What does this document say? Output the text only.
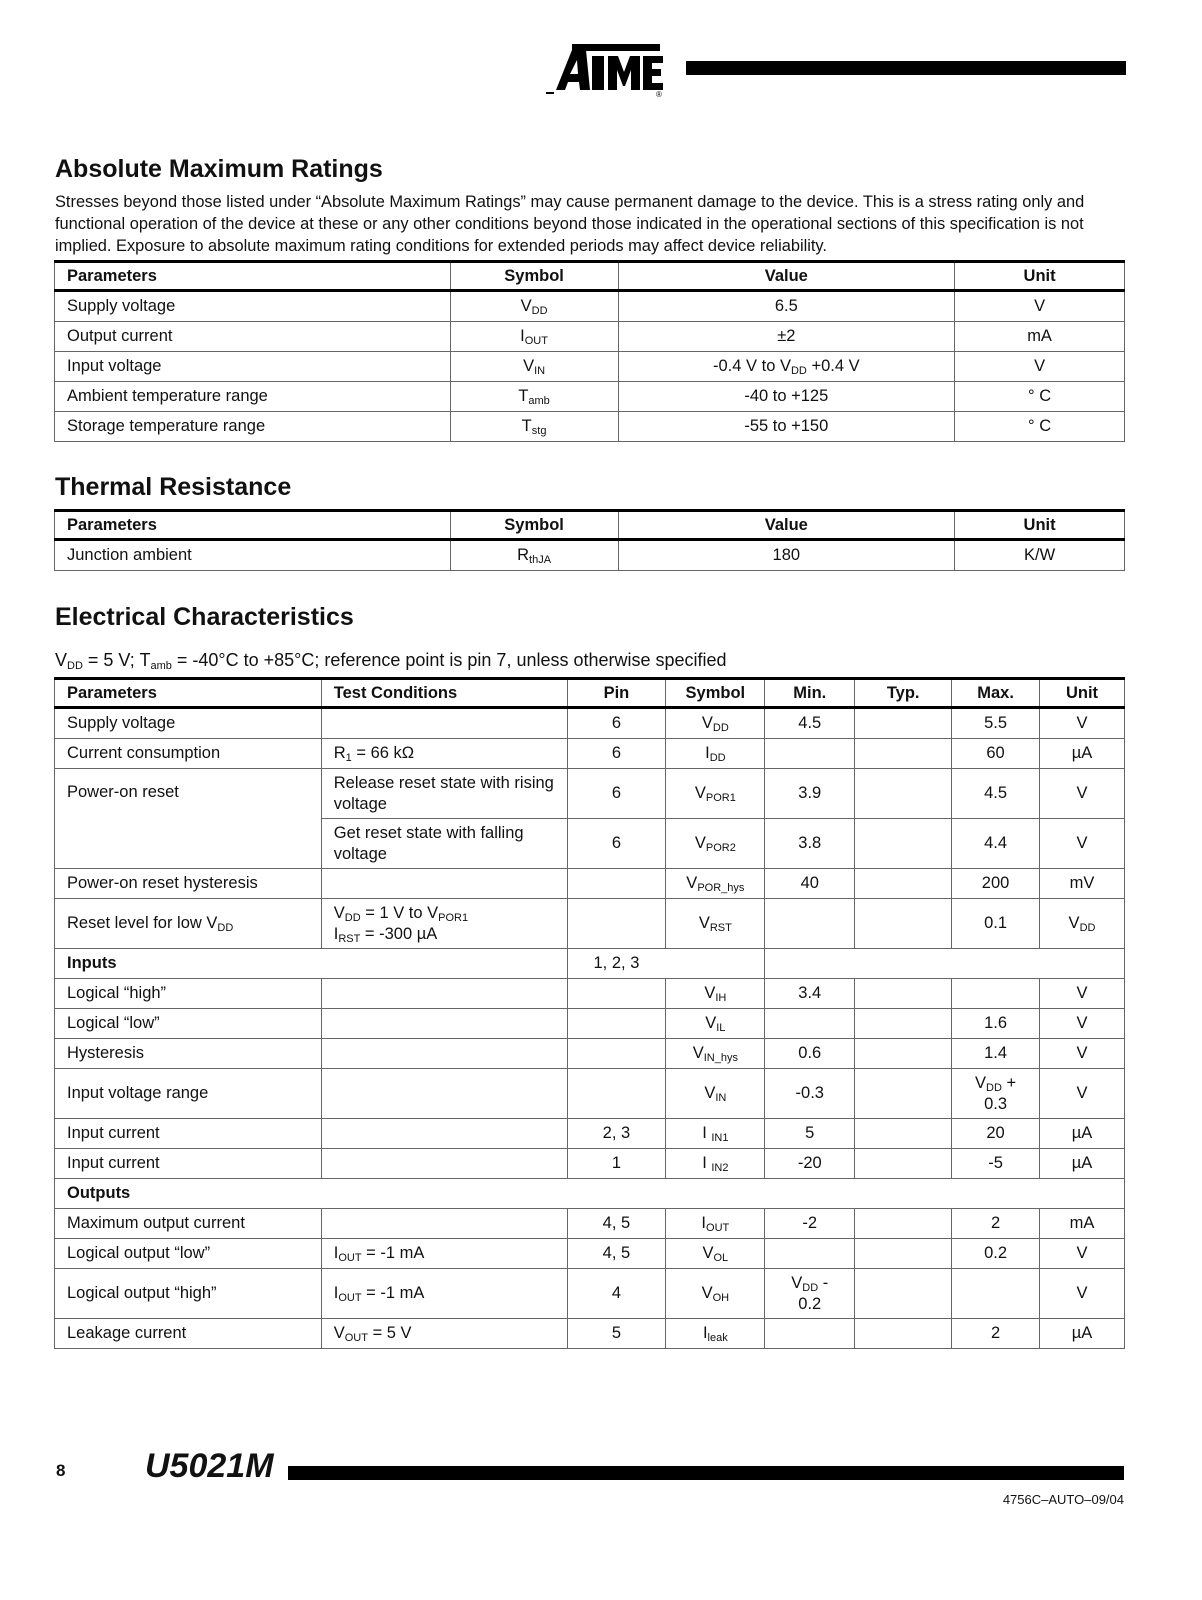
®
Absolute Maximum Ratings

Stresses beyond those listed under “Absolute Maximum Ratings” may cause permanent damage to the device. This is a stress rating only and functional operation of the device at these or any other conditions beyond those indicated in the operational sections of this specification is not implied. Exposure to absolute maximum rating conditions for extended periods may affect device reliability.

Parameters	Symbol	Value	Unit
Supply voltage	$V_{DD}$	6.5	V
Output current	$I_{OUT}$	±2	mA
Input voltage	$V_{IN}$	-0.4 V to $V_{DD} +0.4$ V	V
Ambient temperature range	$T_{amb}$	-40 to +125	° C
Storage temperature range	$T_{stg}$	-55 to +150	° C
Thermal Resistance
Parameters	Symbol	Value	Unit
Junction ambient	$R_{thJA}$	180	K/W
Electrical Characteristics

$V_{DD} = 5$ V; $T_{amb} = -40^\circ C$ to +85°C; reference point is pin 7, unless otherwise specified

Parameters	Test Conditions	Pin	Symbol	Min.	Typ.	Max.	Unit
Supply voltage		6	$V_{DD}$	4.5		5.5	V
Current consumption	$R_1 = 66$ kΩ	6	$I_{DD}$			60	µA
Power-on reset	Release reset state with rising voltage	6	$V_{POR1}$	3.9		4.5	V
	Get reset state with falling voltage	6	$V_{POR2}$	3.8		4.4	V
Power-on reset hysteresis			$V_{POR\_hys}$	40		200	mV
Reset level for low $V_{DD}$	$V_{DD} = 1$ V to $V_{POR1}$
$I_{RST} = -300$ µA		$V_{RST}$			0.1	$V_{DD}$
Inputs		1, 2, 3					
Logical “high”			$V_{IH}$	3.4			V
Logical “low”			$V_{IL}$			1.6	V
Hysteresis			$V_{IN\_hys}$	0.6		1.4	V
Input voltage range			$V_{IN}$	-0.3		$V_{DD}$ +
0.3	V
Input current		2, 3	I $_{IN1}$	5		20	µA
Input current		1	I $_{IN2}$	-20		-5	µA
Outputs							
Maximum output current		4, 5	$I_{OUT}$	-2		2	mA
Logical output “low”	$I_{OUT} = -1$ mA	4, 5	$V_{OL}$			0.2	V
Logical output “high”	$I_{OUT} = -1$ mA	4	$V_{OH}$	$V_{DD}$ -
0.2			V
Leakage current	$V_{OUT} = 5$ V	5	$I_{leak}$			2	µA
8 U5021M
4756C–AUTO–09/04
